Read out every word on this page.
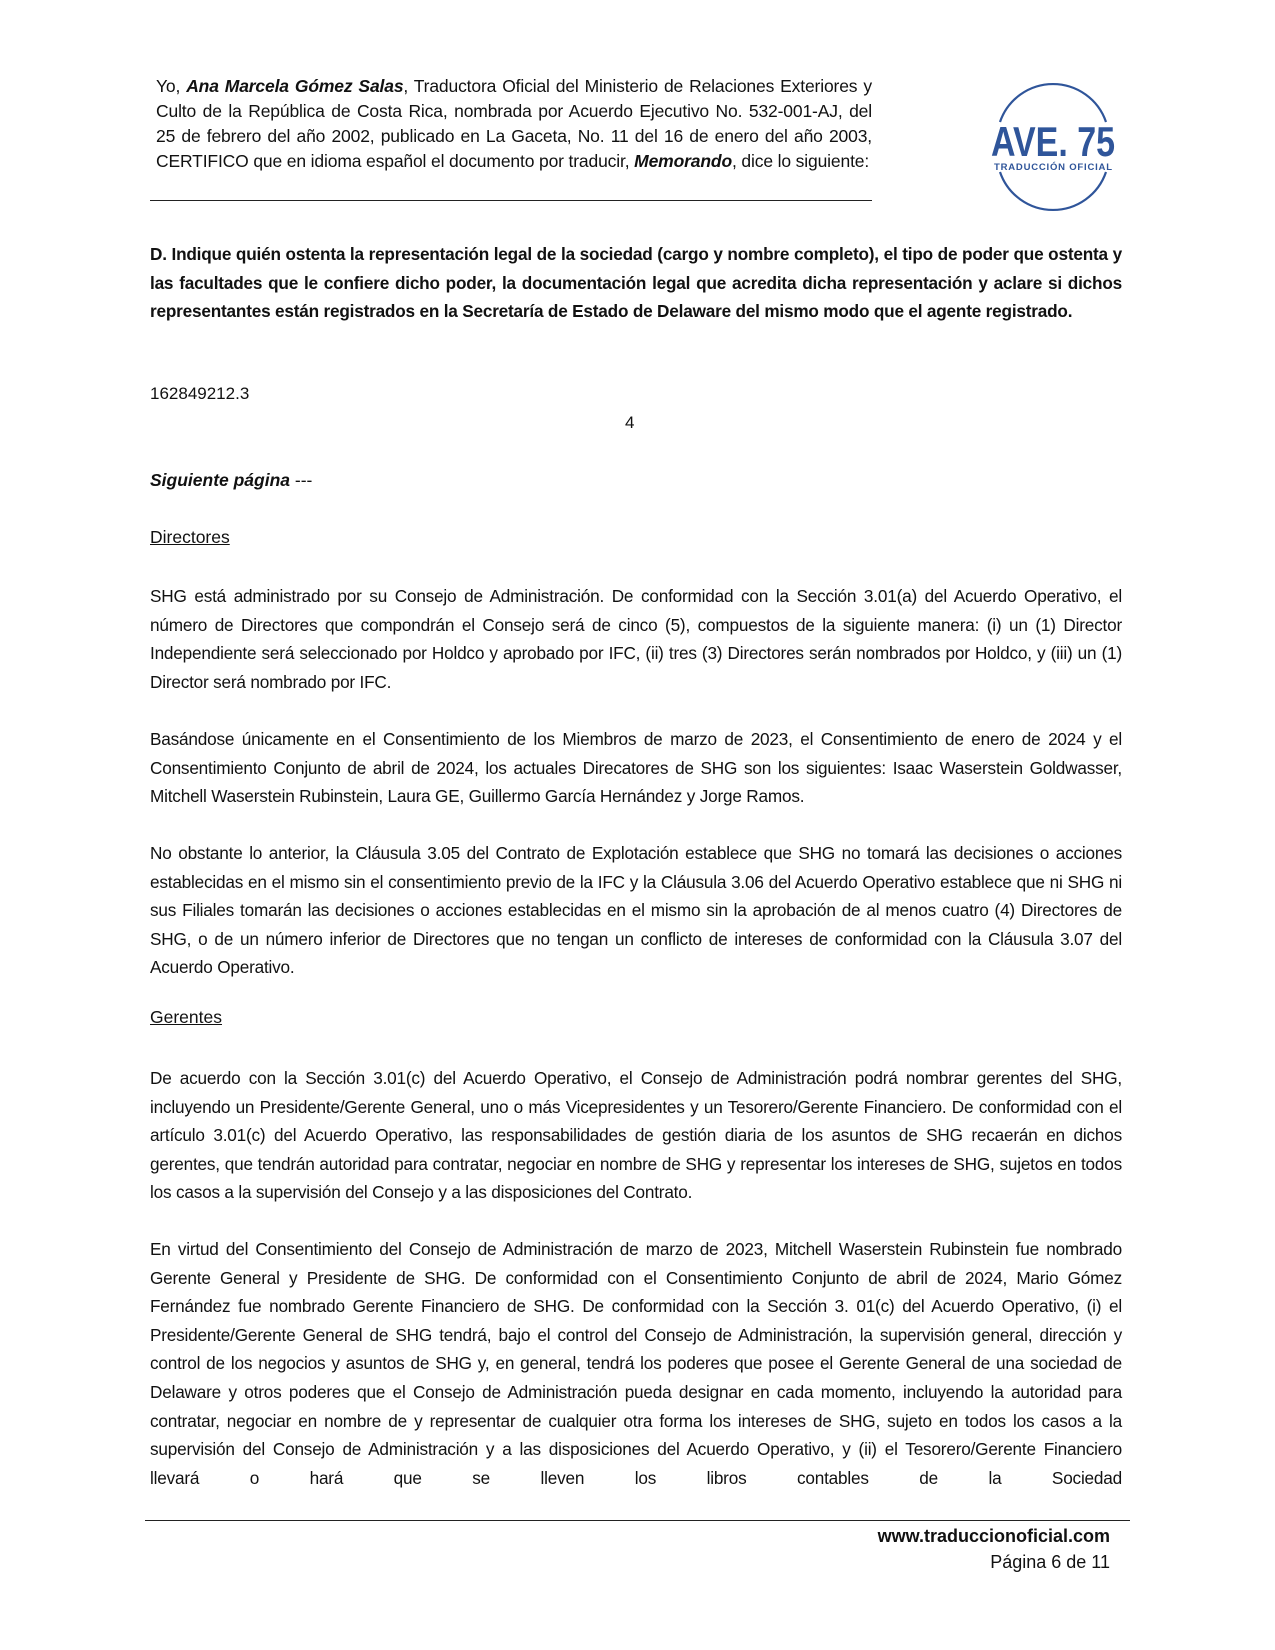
Yo, Ana Marcela Gómez Salas, Traductora Oficial del Ministerio de Relaciones Exteriores y Culto de la República de Costa Rica, nombrada por Acuerdo Ejecutivo No. 532-001-AJ, del 25 de febrero del año 2002, publicado en La Gaceta, No. 11 del 16 de enero del año 2003, CERTIFICO que en idioma español el documento por traducir, Memorando, dice lo siguiente:	AVE. 75
TRADUCCIÓN OFICIAL
D. Indique quién ostenta la representación legal de la sociedad (cargo y nombre completo), el tipo de poder que ostenta y las facultades que le confiere dicho poder, la documentación legal que acredita dicha representación y aclare si dichos representantes están registrados en la Secretaría de Estado de Delaware del mismo modo que el agente registrado.
162849212.3
4
Siguiente página ---
Directores
SHG está administrado por su Consejo de Administración. De conformidad con la Sección 3.01(a) del Acuerdo Operativo, el número de Directores que compondrán el Consejo será de cinco (5), compuestos de la siguiente manera: (i) un (1) Director Independiente será seleccionado por Holdco y aprobado por IFC, (ii) tres (3) Directores serán nombrados por Holdco, y (iii) un (1) Director será nombrado por IFC.
Basándose únicamente en el Consentimiento de los Miembros de marzo de 2023, el Consentimiento de enero de 2024 y el Consentimiento Conjunto de abril de 2024, los actuales Direcatores de SHG son los siguientes: Isaac Waserstein Goldwasser, Mitchell Waserstein Rubinstein, Laura GE, Guillermo García Hernández y Jorge Ramos.
No obstante lo anterior, la Cláusula 3.05 del Contrato de Explotación establece que SHG no tomará las decisiones o acciones establecidas en el mismo sin el consentimiento previo de la IFC y la Cláusula 3.06 del Acuerdo Operativo establece que ni SHG ni sus Filiales tomarán las decisiones o acciones establecidas en el mismo sin la aprobación de al menos cuatro (4) Directores de SHG, o de un número inferior de Directores que no tengan un conflicto de intereses de conformidad con la Cláusula 3.07 del Acuerdo Operativo.
Gerentes
De acuerdo con la Sección 3.01(c) del Acuerdo Operativo, el Consejo de Administración podrá nombrar gerentes del SHG, incluyendo un Presidente/Gerente General, uno o más Vicepresidentes y un Tesorero/Gerente Financiero. De conformidad con el artículo 3.01(c) del Acuerdo Operativo, las responsabilidades de gestión diaria de los asuntos de SHG recaerán en dichos gerentes, que tendrán autoridad para contratar, negociar en nombre de SHG y representar los intereses de SHG, sujetos en todos los casos a la supervisión del Consejo y a las disposiciones del Contrato.
En virtud del Consentimiento del Consejo de Administración de marzo de 2023, Mitchell Waserstein Rubinstein fue nombrado Gerente General y Presidente de SHG. De conformidad con el Consentimiento Conjunto de abril de 2024, Mario Gómez Fernández fue nombrado Gerente Financiero de SHG. De conformidad con la Sección 3. 01(c) del Acuerdo Operativo, (i) el Presidente/Gerente General de SHG tendrá, bajo el control del Consejo de Administración, la supervisión general, dirección y control de los negocios y asuntos de SHG y, en general, tendrá los poderes que posee el Gerente General de una sociedad de Delaware y otros poderes que el Consejo de Administración pueda designar en cada momento, incluyendo la autoridad para contratar, negociar en nombre de y representar de cualquier otra forma los intereses de SHG, sujeto en todos los casos a la supervisión del Consejo de Administración y a las disposiciones del Acuerdo Operativo, y (ii) el Tesorero/Gerente Financiero llevará o hará que se lleven los libros contables de la Sociedad
www.traduccionoficial.com
Página 6 de 11
